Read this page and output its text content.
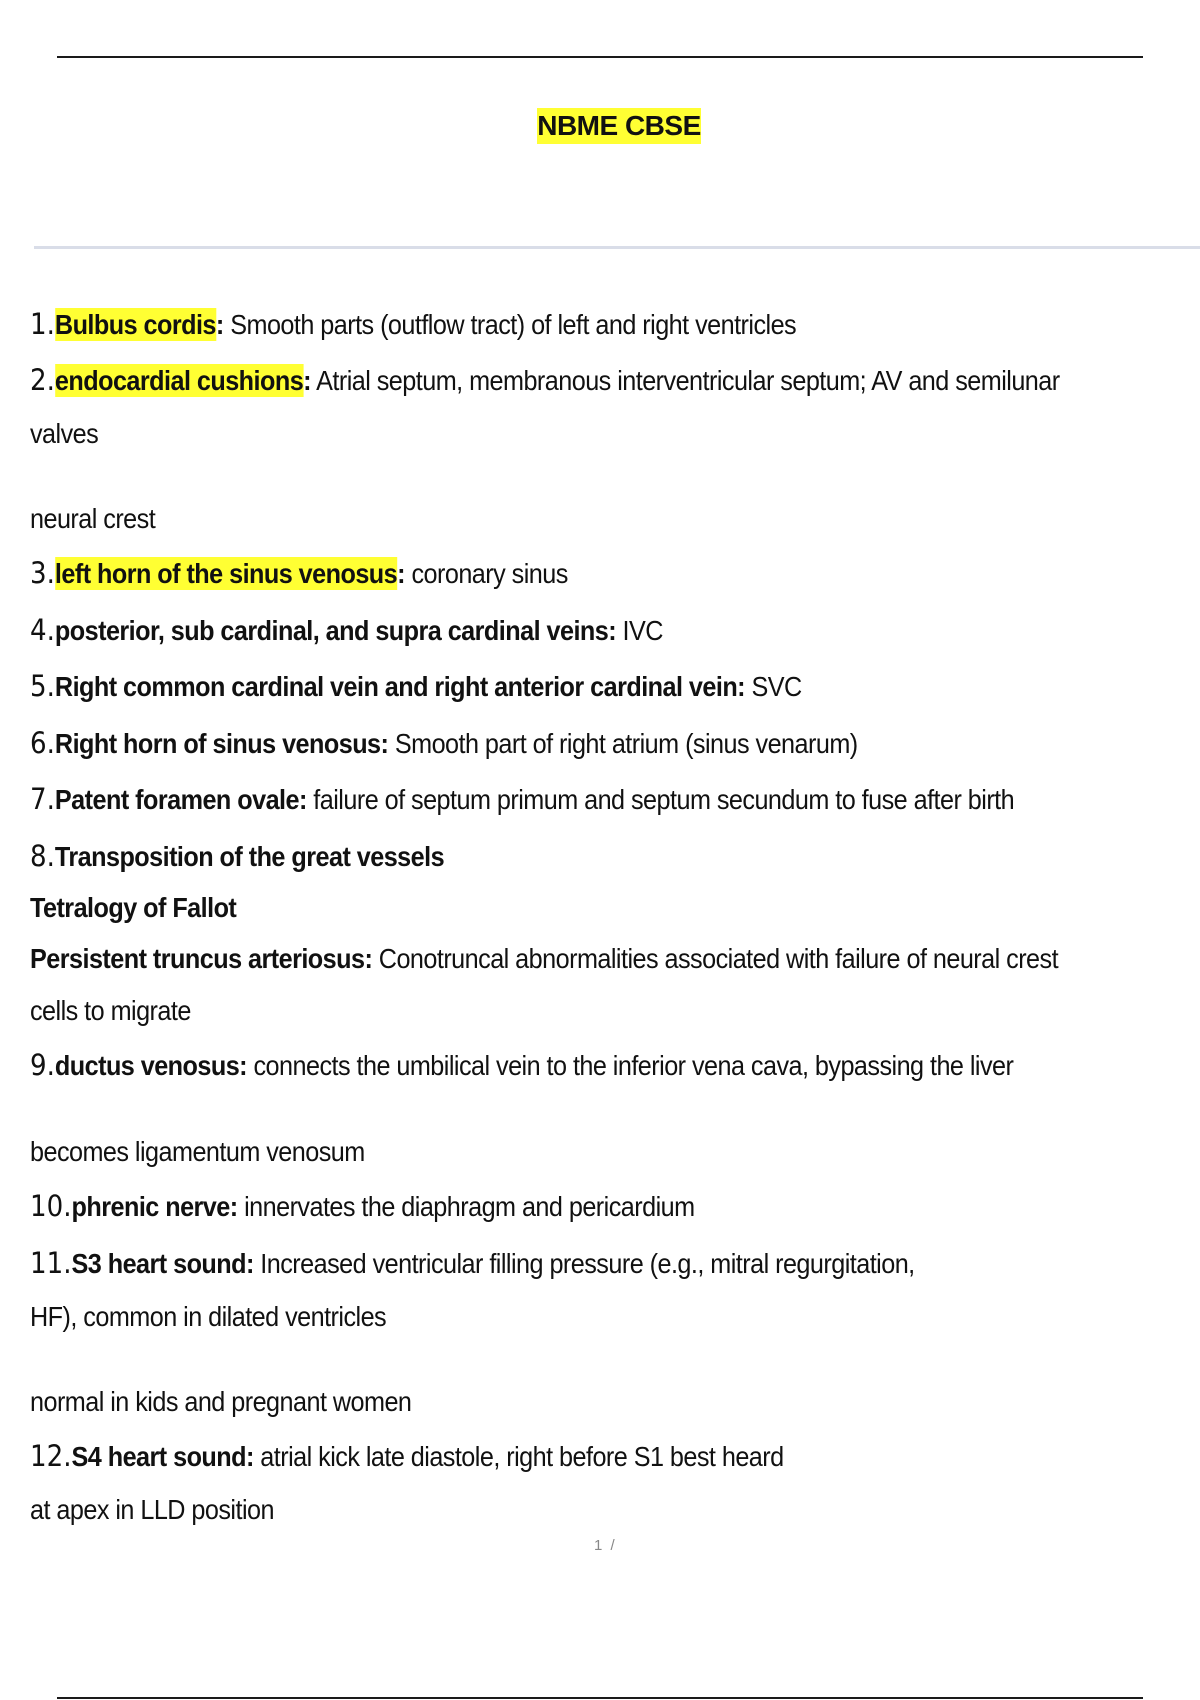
NBME CBSE
1.Bulbus cordis: Smooth parts (outflow tract) of left and right ventricles
2.endocardial cushions: Atrial septum, membranous interventricular septum; AV and semilunar
valves
neural crest
3.left horn of the sinus venosus: coronary sinus
4.posterior, sub cardinal, and supra cardinal veins: IVC
5.Right common cardinal vein and right anterior cardinal vein: SVC
6.Right horn of sinus venosus: Smooth part of right atrium (sinus venarum)
7.Patent foramen ovale: failure of septum primum and septum secundum to fuse after birth
8.Transposition of the great vessels
Tetralogy of Fallot
Persistent truncus arteriosus: Conotruncal abnormalities associated with failure of neural crest
cells to migrate
9.ductus venosus: connects the umbilical vein to the inferior vena cava, bypassing the liver
becomes ligamentum venosum
10.phrenic nerve: innervates the diaphragm and pericardium
11.S3 heart sound: Increased ventricular filling pressure (e.g., mitral regurgitation,
HF), common in dilated ventricles
normal in kids and pregnant women
12.S4 heart sound: atrial kick late diastole, right before S1 best heard
at apex in LLD position
1 /
